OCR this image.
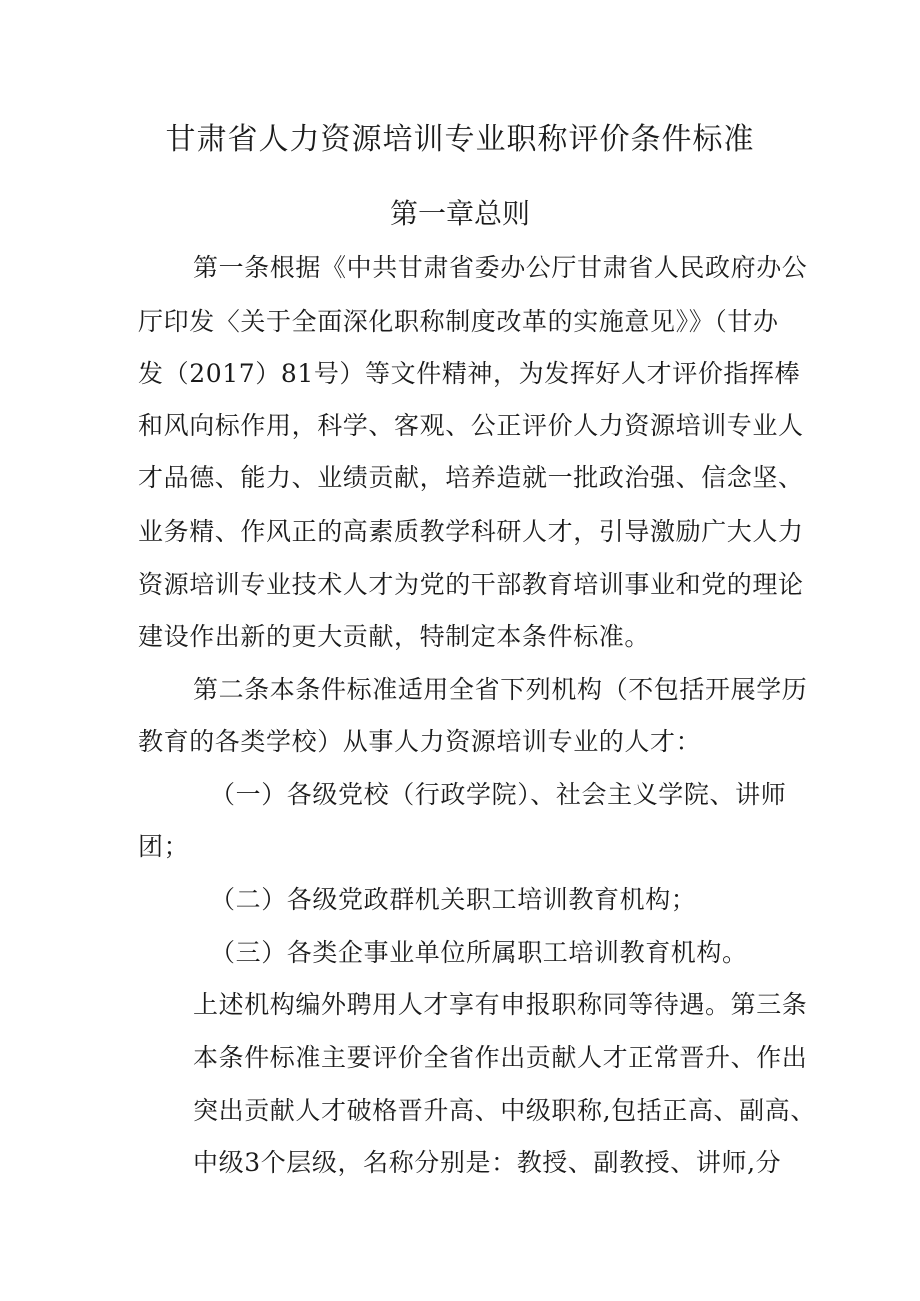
甘肃省人力资源培训专业职称评价条件标准
第一章总则
第一条根据《中共甘肃省委办公厅甘肃省人民政府办公
厅印发〈关于全面深化职称制度改革的实施意见》》（甘办
发（2017）81号）等文件精神，为发挥好人才评价指挥棒
和风向标作用，科学、客观、公正评价人力资源培训专业人
才品德、能力、业绩贡献，培养造就一批政治强、信念坚、
业务精、作风正的高素质教学科研人才，引导激励广大人力
资源培训专业技术人才为党的干部教育培训事业和党的理论
建设作出新的更大贡献，特制定本条件标准。
第二条本条件标准适用全省下列机构（不包括开展学历
教育的各类学校）从事人力资源培训专业的人才：
（一）各级党校（行政学院）、社会主义学院、讲师
团；
（二）各级党政群机关职工培训教育机构；
（三）各类企事业单位所属职工培训教育机构。
上述机构编外聘用人才享有申报职称同等待遇。第三条
本条件标准主要评价全省作出贡献人才正常晋升、作出
突出贡献人才破格晋升高、中级职称,包括正高、副高、
中级3个层级，名称分别是：教授、副教授、讲师,分
